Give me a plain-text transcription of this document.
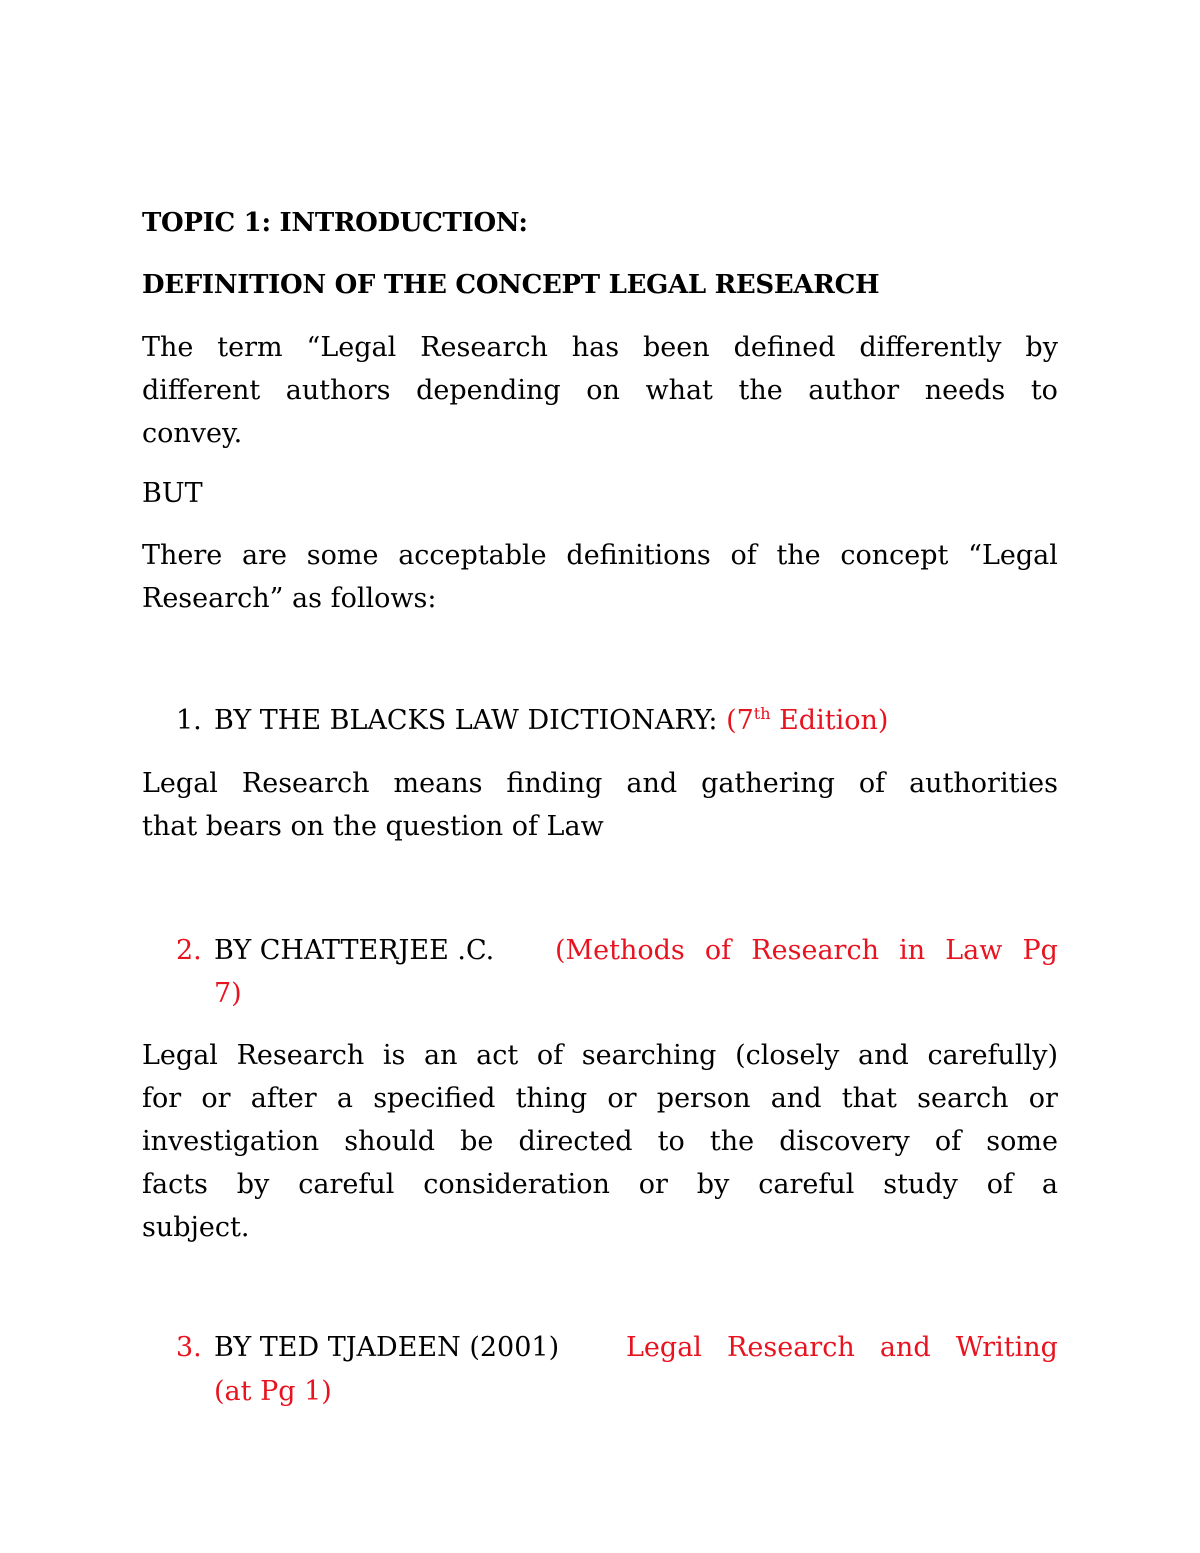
TOPIC 1: INTRODUCTION:
DEFINITION OF THE CONCEPT LEGAL RESEARCH
The term “Legal Research has been defined differently by
different authors depending on what the author needs to
convey.
BUT
There are some acceptable definitions of the concept “Legal
Research” as follows:
1. BY THE BLACKS LAW DICTIONARY: (7th Edition)
Legal Research means finding and gathering of authorities
that bears on the question of Law
2. BY CHATTERJEE .C. (Methods of Research in Law Pg
7)
Legal Research is an act of searching (closely and carefully)
for or after a specified thing or person and that search or
investigation should be directed to the discovery of some
facts by careful consideration or by careful study of a
subject.
3. BY TED TJADEEN (2001) Legal Research and Writing
(at Pg 1)
